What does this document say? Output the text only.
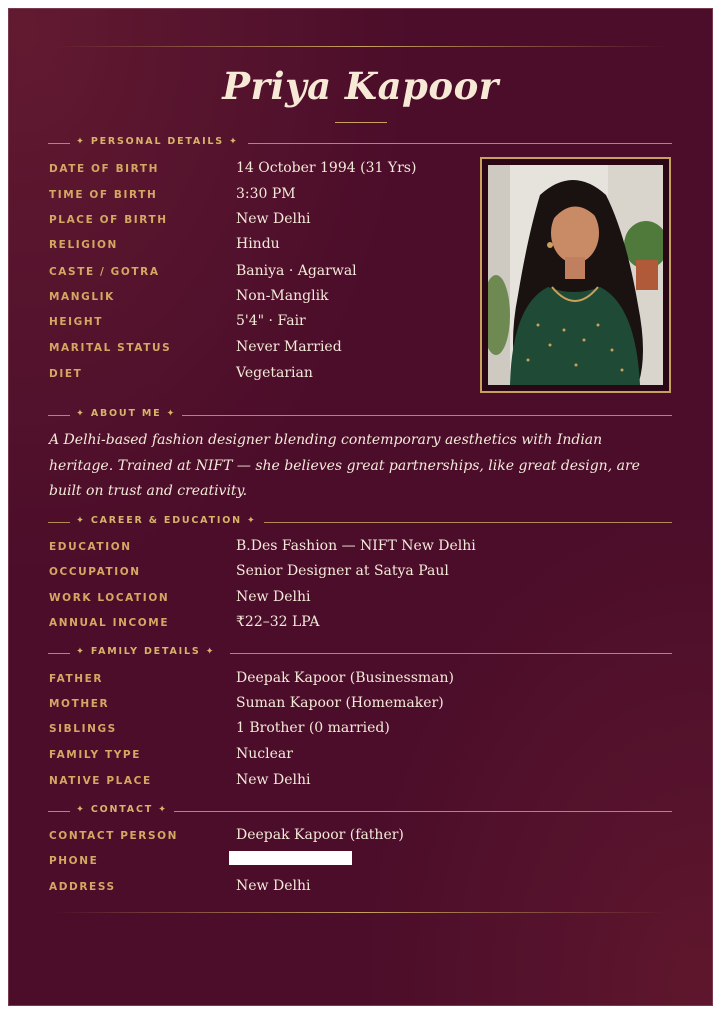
Priya Kapoor
✦ PERSONAL DETAILS ✦
DATE OF BIRTH	14 October 1994 (31 Yrs)
TIME OF BIRTH	3:30 PM
PLACE OF BIRTH	New Delhi
RELIGION	Hindu
CASTE / GOTRA	Baniya · Agarwal
MANGLIK	Non-Manglik
HEIGHT	5'4" · Fair
MARITAL STATUS	Never Married
DIET	Vegetarian
✦ ABOUT ME ✦
A Delhi-based fashion designer blending contemporary aesthetics with Indian heritage. Trained at NIFT — she believes great partnerships, like great design, are built on trust and creativity.
✦ CAREER & EDUCATION ✦
EDUCATION	B.Des Fashion — NIFT New Delhi
OCCUPATION	Senior Designer at Satya Paul
WORK LOCATION	New Delhi
ANNUAL INCOME	₹22–32 LPA
✦ FAMILY DETAILS ✦
FATHER	Deepak Kapoor (Businessman)
MOTHER	Suman Kapoor (Homemaker)
SIBLINGS	1 Brother (0 married)
FAMILY TYPE	Nuclear
NATIVE PLACE	New Delhi
✦ CONTACT ✦
CONTACT PERSON	Deepak Kapoor (father)
PHONE
ADDRESS	New Delhi
